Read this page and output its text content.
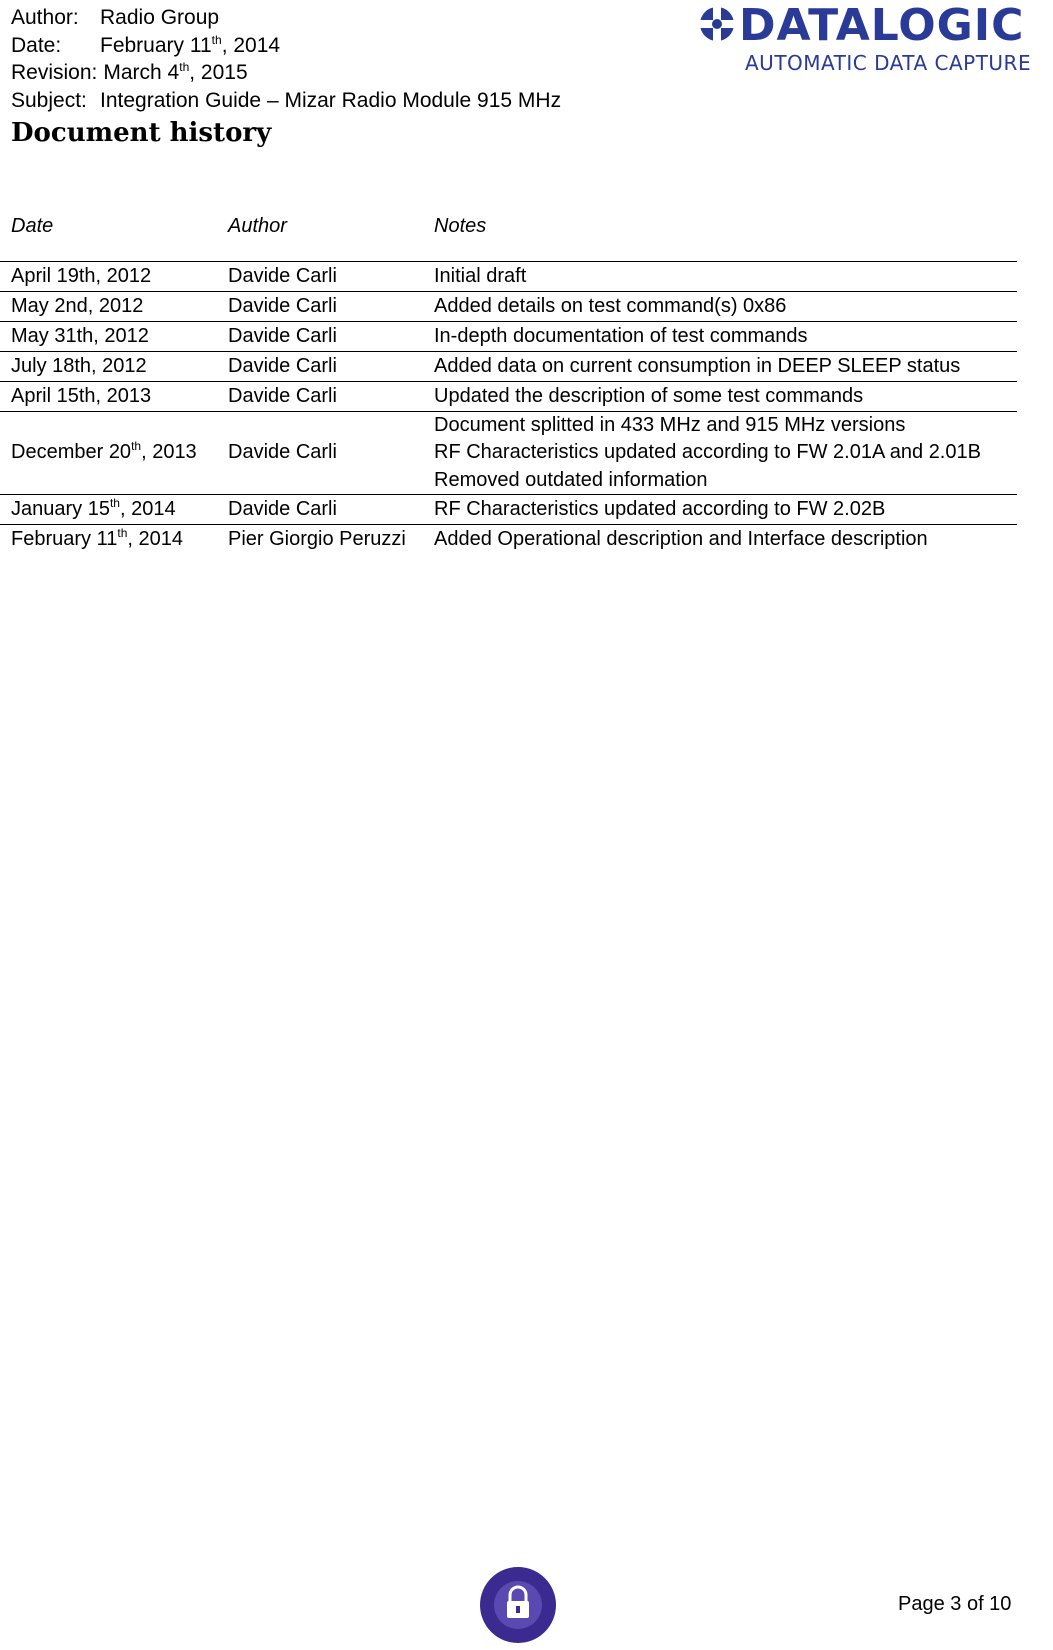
Author:	Radio Group
Date:	February 11th, 2014
Revision: March 4th, 2015
Subject: Integration Guide – Mizar Radio Module 915 MHz
DATALOGIC
AUTOMATIC DATA CAPTURE
Document history
Date	Author	Notes
April 19th, 2012	Davide Carli	Initial draft
May 2nd, 2012	Davide Carli	Added details on test command(s) 0x86
May 31th, 2012	Davide Carli	In-depth documentation of test commands
July 18th, 2012	Davide Carli	Added data on current consumption in DEEP SLEEP status
April 15th, 2013	Davide Carli	Updated the description of some test commands
December 20th, 2013	Davide Carli	Document splitted in 433 MHz and 915 MHz versions
RF Characteristics updated according to FW 2.01A and 2.01B
Removed outdated information

January 15th, 2014	Davide Carli	RF Characteristics updated according to FW 2.02B
February 11th, 2014	Pier Giorgio Peruzzi	Added Operational description and Interface description
Page 3 of 10
